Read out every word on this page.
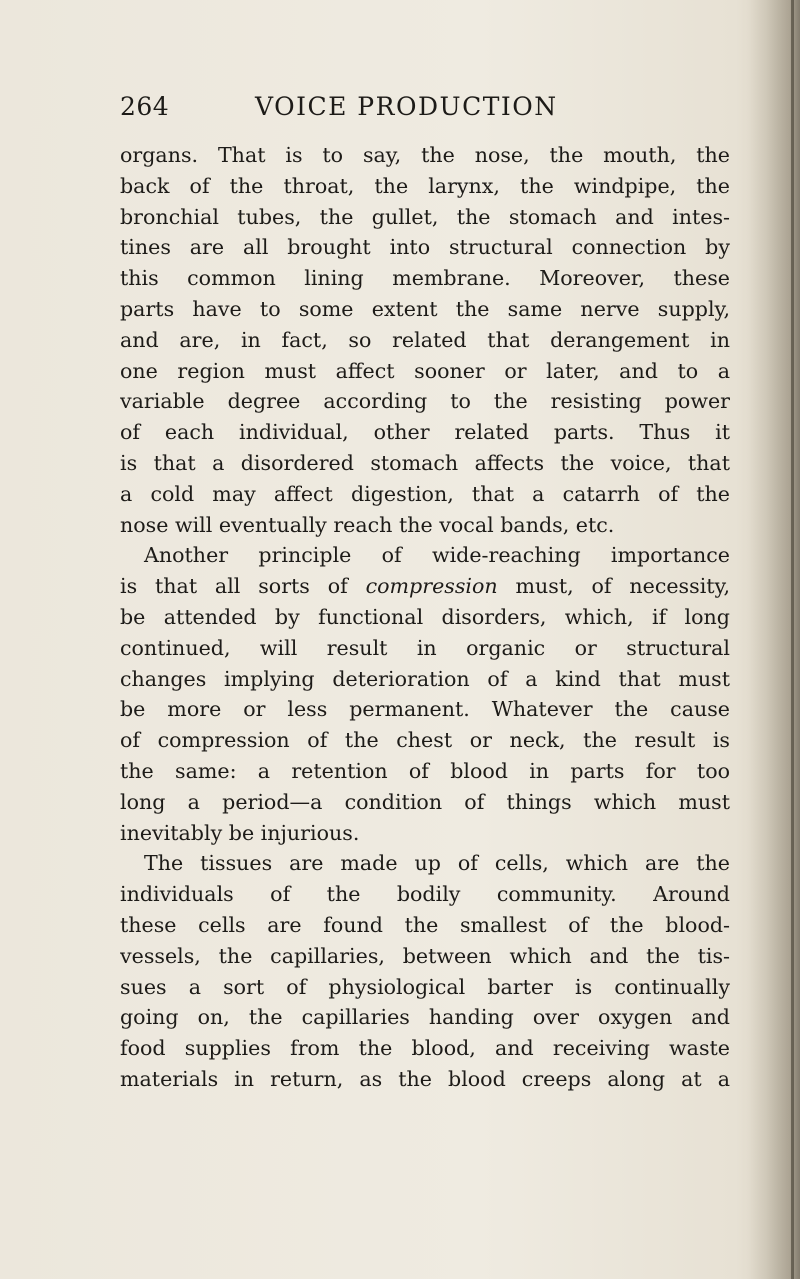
264	VOICE PRODUCTION
organs. That is to say, the nose, the mouth, the
back of the throat, the larynx, the windpipe, the
bronchial tubes, the gullet, the stomach and intes-
tines are all brought into structural connection by
this common lining membrane. Moreover, these
parts have to some extent the same nerve supply,
and are, in fact, so related that derangement in
one region must affect sooner or later, and to a
variable degree according to the resisting power
of each individual, other related parts. Thus it
is that a disordered stomach affects the voice, that
a cold may affect digestion, that a catarrh of the
nose will eventually reach the vocal bands, etc.
Another principle of wide-reaching importance
is that all sorts of compression must, of necessity,
be attended by functional disorders, which, if long
continued, will result in organic or structural
changes implying deterioration of a kind that must
be more or less permanent. Whatever the cause
of compression of the chest or neck, the result is
the same: a retention of blood in parts for too
long a period—a condition of things which must
inevitably be injurious.
The tissues are made up of cells, which are the
individuals of the bodily community. Around
these cells are found the smallest of the blood-
vessels, the capillaries, between which and the tis-
sues a sort of physiological barter is continually
going on, the capillaries handing over oxygen and
food supplies from the blood, and receiving waste
materials in return, as the blood creeps along at a
